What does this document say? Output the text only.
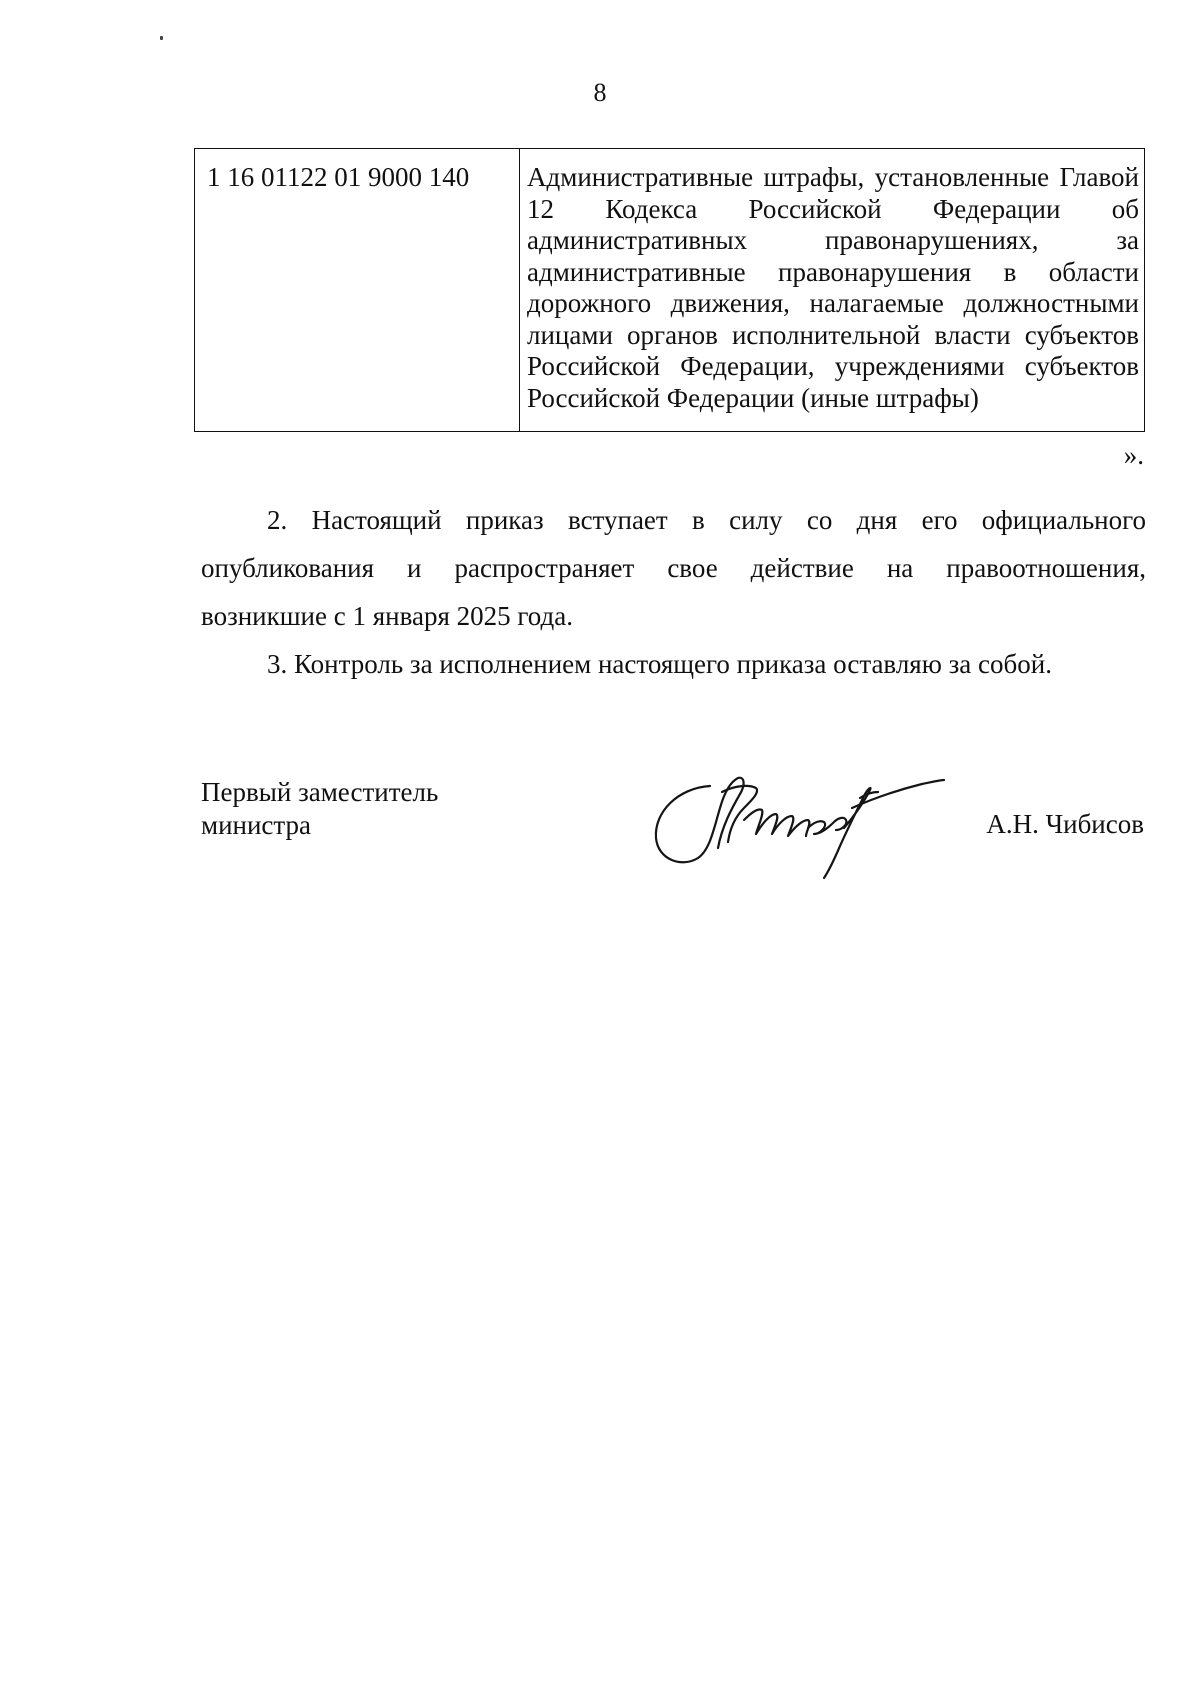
8
1 16 01122 01 9000 140	Административные штрафы, установленные Главой
12 Кодекса Российской Федерации об
административных правонарушениях, за
административные правонарушения в области
дорожного движения, налагаемые должностными
лицами органов исполнительной власти субъектов
Российской Федерации, учреждениями субъектов
Российской Федерации (иные штрафы)
».
2. Настоящий приказ вступает в силу со дня его официального
опубликования и распространяет свое действие на правоотношения,
возникшие с 1 января 2025 года.
3. Контроль за исполнением настоящего приказа оставляю за собой.
Первый заместитель
министра	А.Н. Чибисов
